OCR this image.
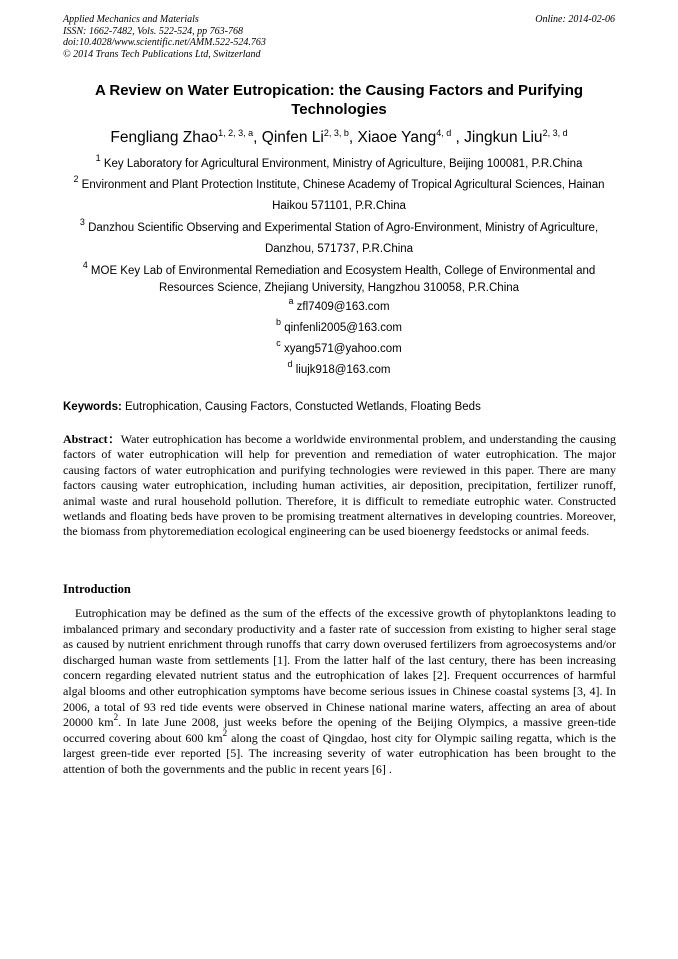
Applied Mechanics and Materials
ISSN: 1662-7482, Vols. 522-524, pp 763-768
doi:10.4028/www.scientific.net/AMM.522-524.763
© 2014 Trans Tech Publications Ltd, Switzerland
Online: 2014-02-06
A Review on Water Eutropication: the Causing Factors and Purifying Technologies
Fengliang Zhao$^{1, 2, 3, a}$, Qinfen Li$^{2, 3, b}$, Xiaoe Yang$^{4, d}$ , Jingkun Liu$^{2, 3, d}$

$^1$ Key Laboratory for Agricultural Environment, Ministry of Agriculture, Beijing 100081, P.R.China

$^2$ Environment and Plant Protection Institute, Chinese Academy of Tropical Agricultural Sciences, Hainan Haikou 571101, P.R.China

$^3$ Danzhou Scientific Observing and Experimental Station of Agro-Environment, Ministry of Agriculture, Danzhou, 571737, P.R.China

$^4$ MOE Key Lab of Environmental Remediation and Ecosystem Health, College of Environmental and Resources Science, Zhejiang University, Hangzhou 310058, P.R.China

$^a$ zfl7409@163.com
$^b$ qinfenli2005@163.com
$^c$ xyang571@yahoo.com
$^d$ liujk918@163.com
Keywords: Eutrophication, Causing Factors, Constucted Wetlands, Floating Beds

Abstract：Water eutrophication has become a worldwide environmental problem, and understanding the causing factors of water eutrophication will help for prevention and remediation of water eutrophication. The major causing factors of water eutrophication and purifying technologies were reviewed in this paper. There are many factors causing water eutrophication, including human activities, air deposition, precipitation, fertilizer runoff, animal waste and rural household pollution. Therefore, it is difficult to remediate eutrophic water. Constructed wetlands and floating beds have proven to be promising treatment alternatives in developing countries. Moreover, the biomass from phytoremediation ecological engineering can be used bioenergy feedstocks or animal feeds.

Introduction

Eutrophication may be defined as the sum of the effects of the excessive growth of phytoplanktons leading to imbalanced primary and secondary productivity and a faster rate of succession from existing to higher seral stage as caused by nutrient enrichment through runoffs that carry down overused fertilizers from agroecosystems and/or discharged human waste from settlements [1]. From the latter half of the last century, there has been increasing concern regarding elevated nutrient status and the eutrophication of lakes [2]. Frequent occurrences of harmful algal blooms and other eutrophication symptoms have become serious issues in Chinese coastal systems [3, 4]. In 2006, a total of 93 red tide events were observed in Chinese national marine waters, affecting an area of about 20000 $km^2$. In late June 2008, just weeks before the opening of the Beijing Olympics, a massive green-tide occurred covering about 600 $km^2$ along the coast of Qingdao, host city for Olympic sailing regatta, which is the largest green-tide ever reported [5]. The increasing severity of water eutrophication has been brought to the attention of both the governments and the public in recent years [6] .
